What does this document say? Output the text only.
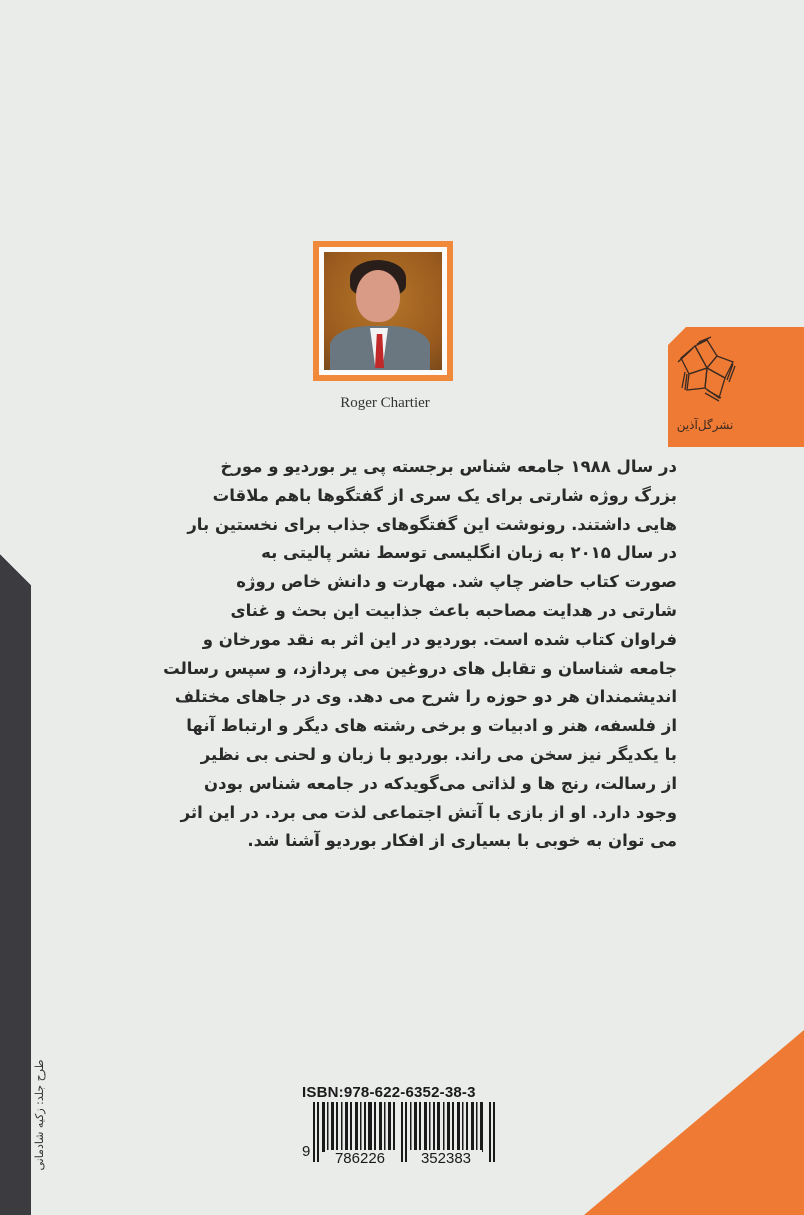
Roger Chartier
نشرگل‌آذین

در سال ۱۹۸۸ جامعه شناس برجسته پی یر بوردیو و مورخ

بزرگ روژه شارتی برای یک سری از گفتگوها باهم ملاقات

هایی داشتند. رونوشت این گفتگوهای جذاب برای نخستین بار

در سال ۲۰۱۵ به زبان انگلیسی توسط نشر پالیتی به

صورت کتاب حاضر چاپ شد. مهارت و دانش خاص روژه

شارتی در هدایت مصاحبه باعث جذابیت این بحث و غنای

فراوان کتاب شده است. بوردیو در این اثر به نقد مورخان و

جامعه شناسان و تقابل های دروغین می پردازد، و سپس رسالت

اندیشمندان هر دو حوزه را شرح می دهد. وی در جاهای مختلف

از فلسفه، هنر و ادبیات و برخی رشته های دیگر و ارتباط آنها

با یکدیگر نیز سخن می راند. بوردیو با زبان و لحنی بی نظیر

از رسالت، رنج ها و لذاتی می‌گویدکه در جامعه شناس بودن

وجود دارد. او از بازی با آتش اجتماعی لذت می برد. در این اثر

می توان به خوبی با بسیاری از افکار بوردیو آشنا شد.

طرح جلد: زکیه شادمانی	ISBN:978-622-6352-38-3
9	786226	352383
